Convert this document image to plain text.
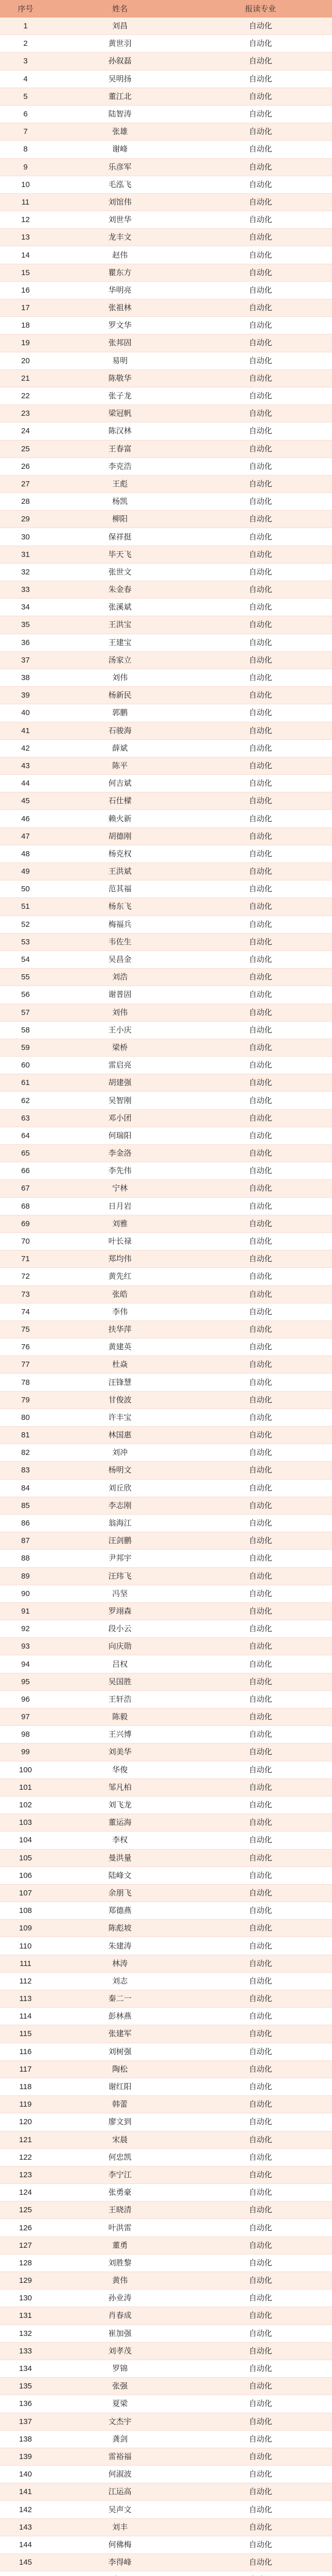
序号	姓名	报读专业
1	刘昌	自动化
2	黄世羽	自动化
3	孙叙磊	自动化
4	吴明扬	自动化
5	董江北	自动化
6	陆智涛	自动化
7	张雄	自动化
8	谢峰	自动化
9	乐彦军	自动化
10	毛泓飞	自动化
11	刘馆伟	自动化
12	刘世华	自动化
13	龙丰文	自动化
14	赵伟	自动化
15	瞿东方	自动化
16	华明亮	自动化
17	张祖林	自动化
18	罗文华	自动化
19	张邦固	自动化
20	易明	自动化
21	陈敬华	自动化
22	张子龙	自动化
23	梁冠帆	自动化
24	陈汉林	自动化
25	王春富	自动化
26	李克浩	自动化
27	王彪	自动化
28	杨凯	自动化
29	柳阳	自动化
30	保祥挺	自动化
31	毕天飞	自动化
32	张世文	自动化
33	朱金春	自动化
34	张溪斌	自动化
35	王洪宝	自动化
36	王建宝	自动化
37	汤家立	自动化
38	刘伟	自动化
39	杨新民	自动化
40	郭鹏	自动化
41	石骏海	自动化
42	薛斌	自动化
43	陈平	自动化
44	何吉斌	自动化
45	石仕樑	自动化
46	赖火新	自动化
47	胡德刚	自动化
48	杨克权	自动化
49	王洪斌	自动化
50	范其福	自动化
51	杨东飞	自动化
52	梅福兵	自动化
53	韦佐生	自动化
54	吴昌金	自动化
55	刘浩	自动化
56	谢普固	自动化
57	刘伟	自动化
58	王小庆	自动化
59	梁桥	自动化
60	雷启亮	自动化
61	胡建强	自动化
62	吴智刚	自动化
63	邓小团	自动化
64	何瑞阳	自动化
65	李金洛	自动化
66	李先伟	自动化
67	宁林	自动化
68	日月岩	自动化
69	刘雅	自动化
70	叶长禄	自动化
71	郑均伟	自动化
72	黄先红	自动化
73	张皓	自动化
74	李伟	自动化
75	扶华萍	自动化
76	黄建英	自动化
77	杜焱	自动化
78	汪锋慧	自动化
79	甘俊波	自动化
80	许丰宝	自动化
81	林国惠	自动化
82	刘冲	自动化
83	杨明文	自动化
84	刘丘欣	自动化
85	李志刚	自动化
86	翁海江	自动化
87	汪剑鹏	自动化
88	尹邦宇	自动化
89	汪玮飞	自动化
90	冯坚	自动化
91	罗翊森	自动化
92	段小云	自动化
93	向庆勋	自动化
94	吕权	自动化
95	吴国胜	自动化
96	王轩浩	自动化
97	陈毅	自动化
98	王兴博	自动化
99	刘美华	自动化
100	华俊	自动化
101	邹凡柏	自动化
102	刘飞龙	自动化
103	董运海	自动化
104	李权	自动化
105	曼洪量	自动化
106	陆峰文	自动化
107	余朋飞	自动化
108	郑德燕	自动化
109	陈彪坡	自动化
110	朱建涛	自动化
111	林涛	自动化
112	刘志	自动化
113	秦二一	自动化
114	彭林燕	自动化
115	张建军	自动化
116	刘树强	自动化
117	陶松	自动化
118	谢红阳	自动化
119	韩蕾	自动化
120	廖文到	自动化
121	宋晨	自动化
122	何忠凯	自动化
123	李宁江	自动化
124	张勇豪	自动化
125	王晓清	自动化
126	叶洪雷	自动化
127	董勇	自动化
128	刘胜黎	自动化
129	黄伟	自动化
130	孙业涛	自动化
131	肖春成	自动化
132	崔加强	自动化
133	刘孝茂	自动化
134	罗锦	自动化
135	张强	自动化
136	夏梁	自动化
137	文杰宇	自动化
138	龚剑	自动化
139	雷裕福	自动化
140	何淑波	自动化
141	江运高	自动化
142	吴声文	自动化
143	刘丰	自动化
144	何佛梅	自动化
145	李得峰	自动化
